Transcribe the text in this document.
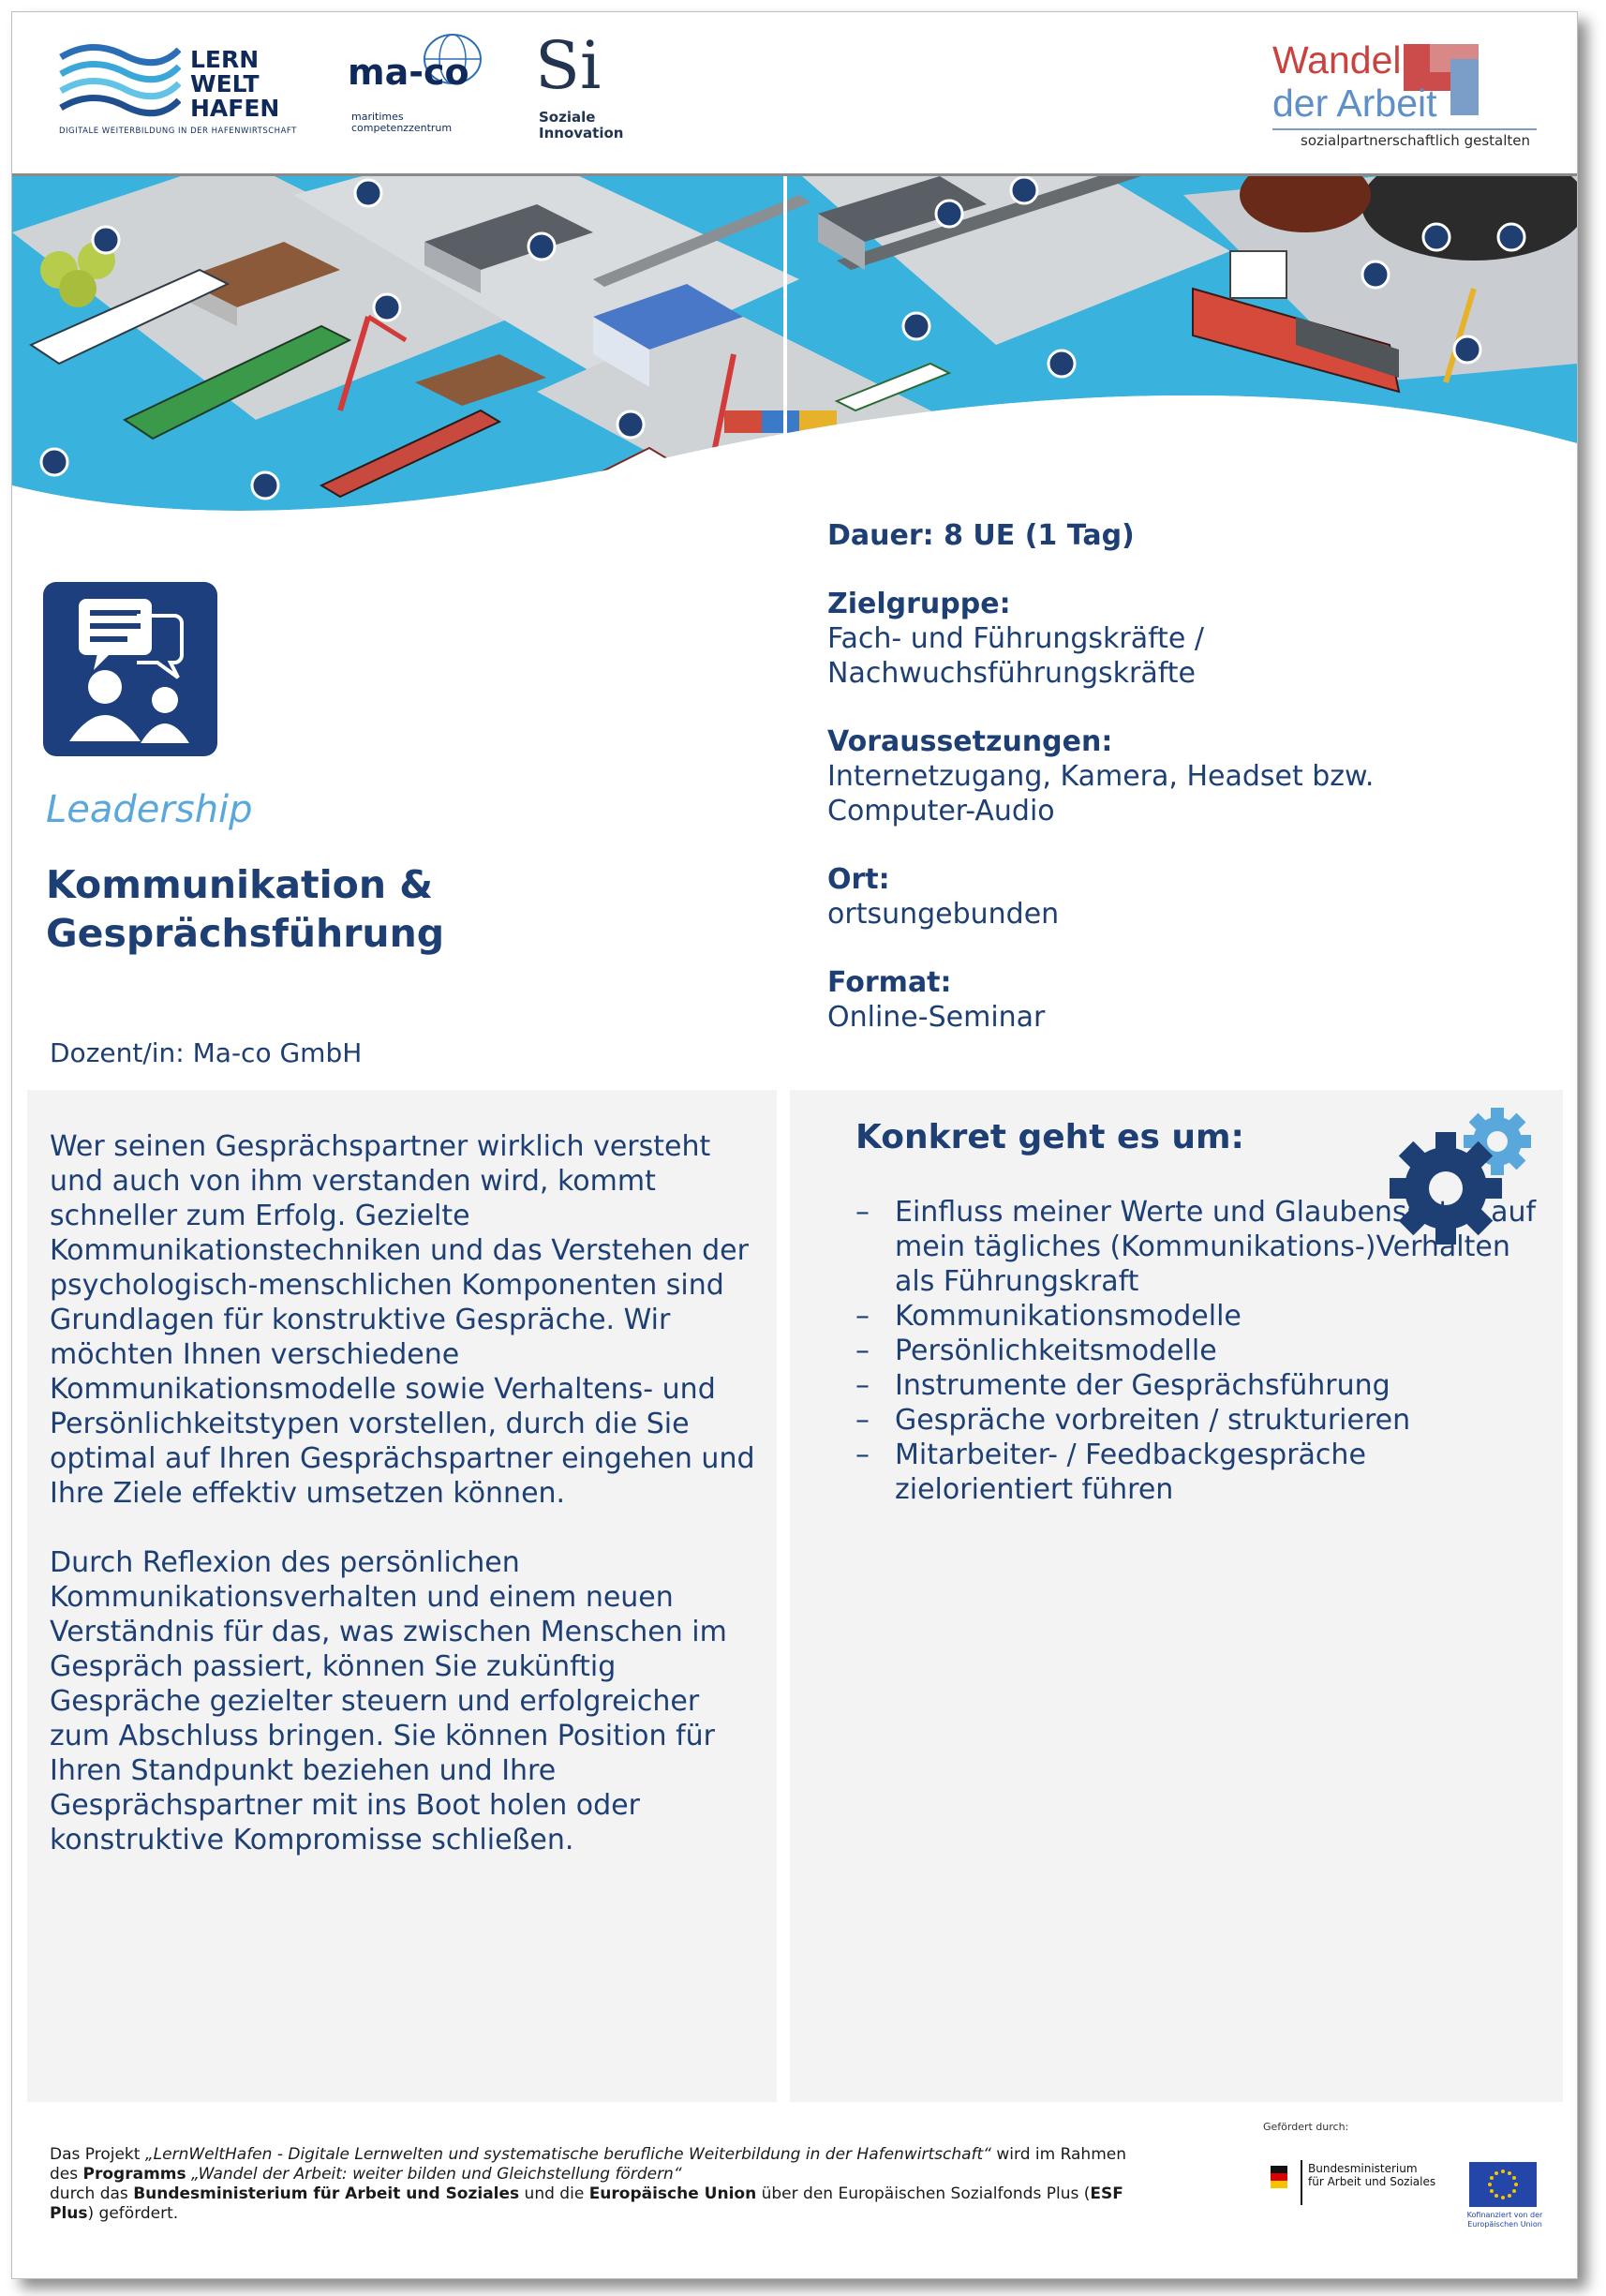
LERN
WELT
HAFEN
DIGITALE WEITERBILDUNG IN DER HAFENWIRTSCHAFT
ma-co
maritimes
competenzzentrum
Si
Soziale
Innovation
Wandel
der Arbeit
sozialpartnerschaftlich gestalten
Leadership
Kommunikation &
Gesprächsführung
Dozent/in: Ma-co GmbH
Dauer: 8 UE (1 Tag)
Zielgruppe:
Fach- und Führungskräfte /
Nachwuchsführungskräfte
Voraussetzungen:
Internetzugang, Kamera, Headset bzw.
Computer-Audio
Ort:
ortsungebunden
Format:
Online-Seminar

Wer seinen Gesprächspartner wirklich versteht und auch von ihm verstanden wird, kommt schneller zum Erfolg. Gezielte Kommunikationstechniken und das Verstehen der psychologisch-menschlichen Komponenten sind Grundlagen für konstruktive Gespräche. Wir möchten Ihnen verschiedene Kommunikationsmodelle sowie Verhaltens- und Persönlichkeitstypen vorstellen, durch die Sie optimal auf Ihren Gesprächspartner eingehen und Ihre Ziele effektiv umsetzen können.

Durch Reflexion des persönlichen Kommunikationsverhalten und einem neuen Verständnis für das, was zwischen Menschen im Gespräch passiert, können Sie zukünftig Gespräche gezielter steuern und erfolgreicher zum Abschluss bringen. Sie können Position für Ihren Standpunkt beziehen und Ihre Gesprächspartner mit ins Boot holen oder konstruktive Kompromisse schließen.

Konkret geht es um:
– Einfluss meiner Werte und Glaubenssätze auf mein tägliches (Kommunikations-)Verhalten als Führungskraft
– Kommunikationsmodelle
– Persönlichkeitsmodelle
– Instrumente der Gesprächsführung
– Gespräche vorbreiten / strukturieren
– Mitarbeiter- / Feedbackgespräche zielorientiert führen
Das Projekt „LernWeltHafen - Digitale Lernwelten und systematische berufliche Weiterbildung in der Hafenwirtschaft“ wird im Rahmen des Programms „Wandel der Arbeit: weiter bilden und Gleichstellung fördern“
durch das Bundesministerium für Arbeit und Soziales und die Europäische Union über den Europäischen Sozialfonds Plus (ESF Plus) gefördert.
Gefördert durch:
Bundesministerium
für Arbeit und Soziales
Kofinanziert von der
Europäischen Union
